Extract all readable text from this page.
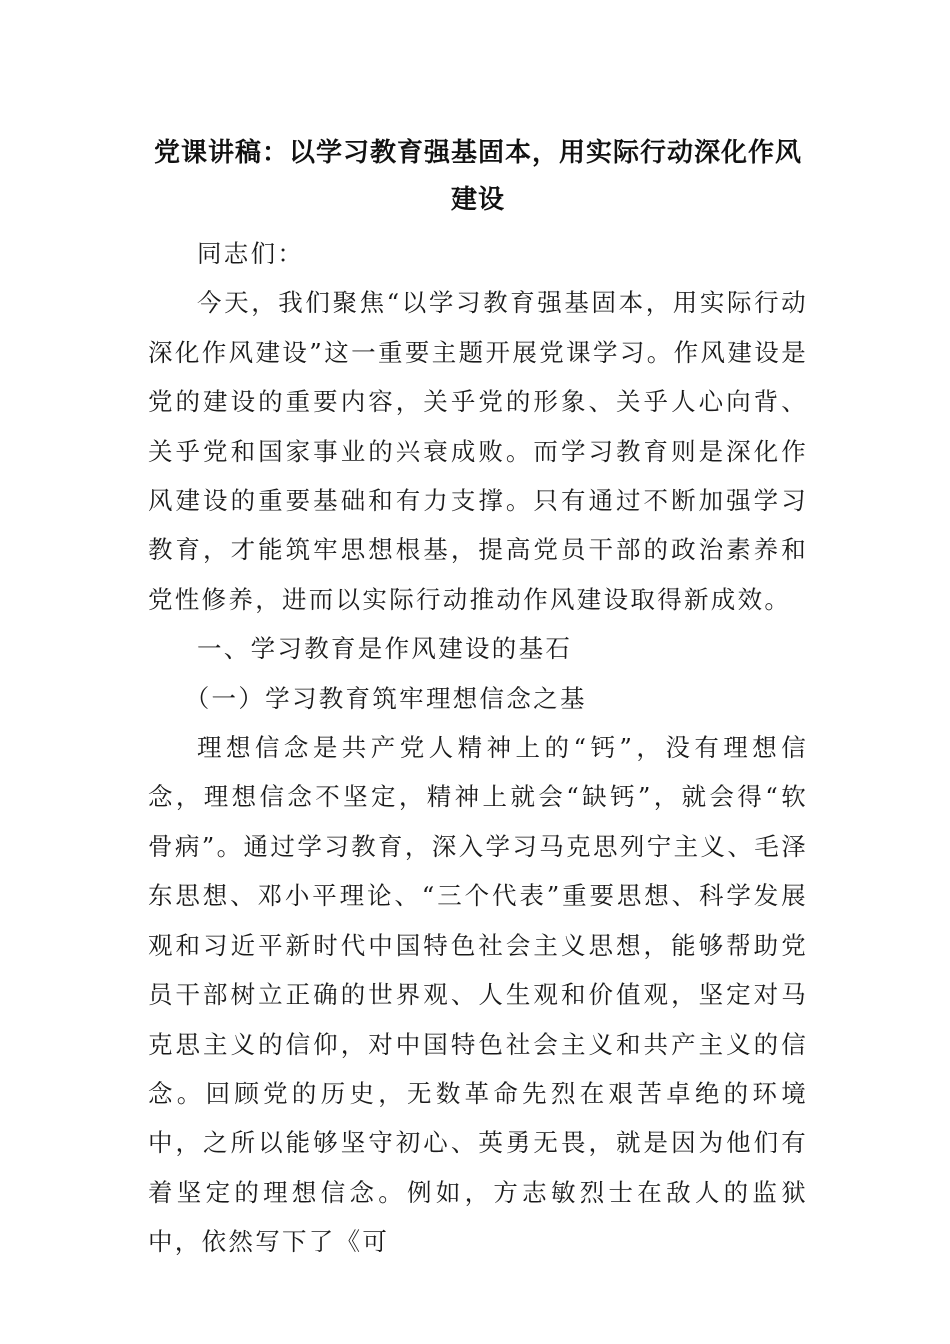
党课讲稿：以学习教育强基固本，用实际行动深化作风建设

同志们：

今天，我们聚焦“以学习教育强基固本，用实际行动深化作风建设”这一重要主题开展党课学习。作风建设是党的建设的重要内容，关乎党的形象、关乎人心向背、关乎党和国家事业的兴衰成败。而学习教育则是深化作风建设的重要基础和有力支撑。只有通过不断加强学习教育，才能筑牢思想根基，提高党员干部的政治素养和党性修养，进而以实际行动推动作风建设取得新成效。

一、学习教育是作风建设的基石

（一）学习教育筑牢理想信念之基

理想信念是共产党人精神上的“钙”，没有理想信念，理想信念不坚定，精神上就会“缺钙”，就会得“软骨病”。通过学习教育，深入学习马克思列宁主义、毛泽东思想、邓小平理论、“三个代表”重要思想、科学发展观和习近平新时代中国特色社会主义思想，能够帮助党员干部树立正确的世界观、人生观和价值观，坚定对马克思主义的信仰，对中国特色社会主义和共产主义的信念。回顾党的历史，无数革命先烈在艰苦卓绝的环境中，之所以能够坚守初心、英勇无畏，就是因为他们有着坚定的理想信念。例如，方志敏烈士在敌人的监狱中，依然写下了《可
